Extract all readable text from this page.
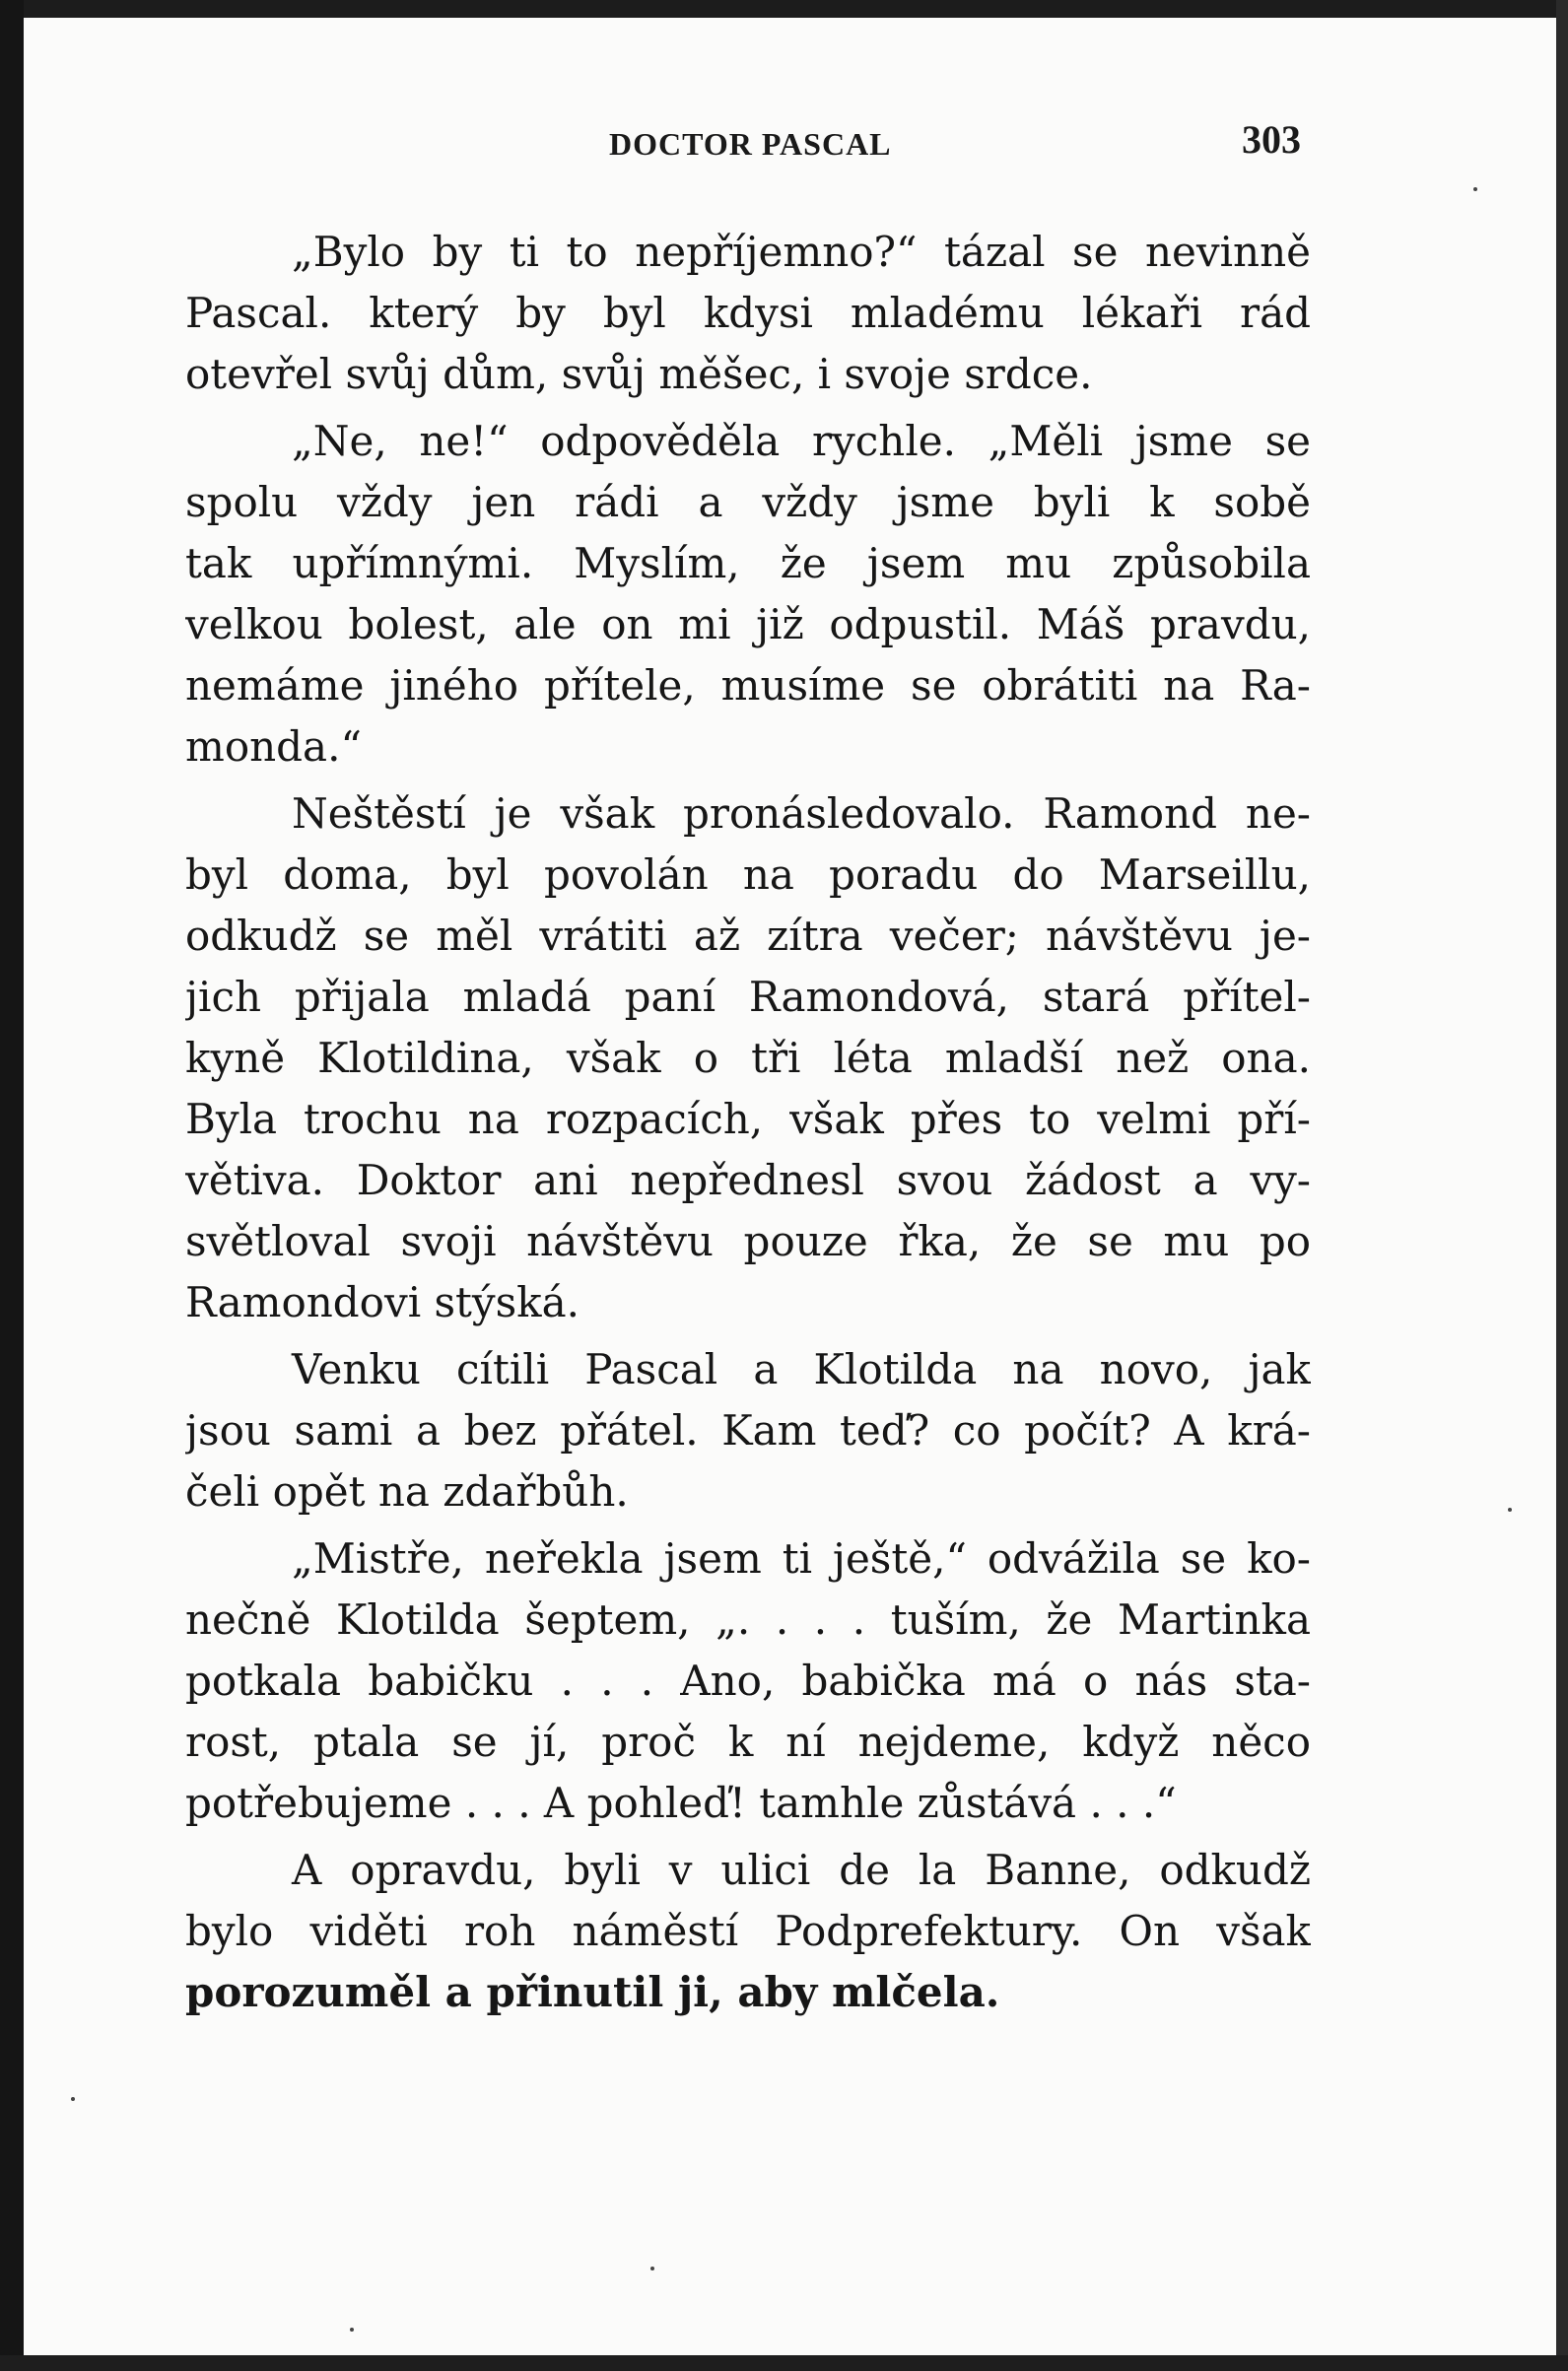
DOCTOR PASCAL	303
„Bylo by ti to nepříjemno?“ tázal se nevinně
Pascal. který by byl kdysi mladému lékaři rád
otevřel svůj dům, svůj měšec, i svoje srdce.
„Ne, ne!“ odpověděla rychle. „Měli jsme se
spolu vždy jen rádi a vždy jsme byli k sobě
tak upřímnými. Myslím, že jsem mu způsobila
velkou bolest, ale on mi již odpustil. Máš pravdu,
nemáme jiného přítele, musíme se obrátiti na Ra-
monda.“
Neštěstí je však pronásledovalo. Ramond ne-
byl doma, byl povolán na poradu do Marseillu,
odkudž se měl vrátiti až zítra večer; návštěvu je-
jich přijala mladá paní Ramondová, stará přítel-
kyně Klotildina, však o tři léta mladší než ona.
Byla trochu na rozpacích, však přes to velmi pří-
větiva. Doktor ani nepřednesl svou žádost a vy-
světloval svoji návštěvu pouze řka, že se mu po
Ramondovi stýská.
Venku cítili Pascal a Klotilda na novo, jak
jsou sami a bez přátel. Kam teď? co počít? A krá-
čeli opět na zdařbůh.
„Mistře, neřekla jsem ti ještě,“ odvážila se ko-
nečně Klotilda šeptem, „. . . . tuším, že Martinka
potkala babičku . . . Ano, babička má o nás sta-
rost, ptala se jí, proč k ní nejdeme, když něco
potřebujeme . . . A pohleď! tamhle zůstává . . .“
A opravdu, byli v ulici de la Banne, odkudž
bylo viděti roh náměstí Podprefektury. On však
porozuměl a přinutil ji, aby mlčela.
